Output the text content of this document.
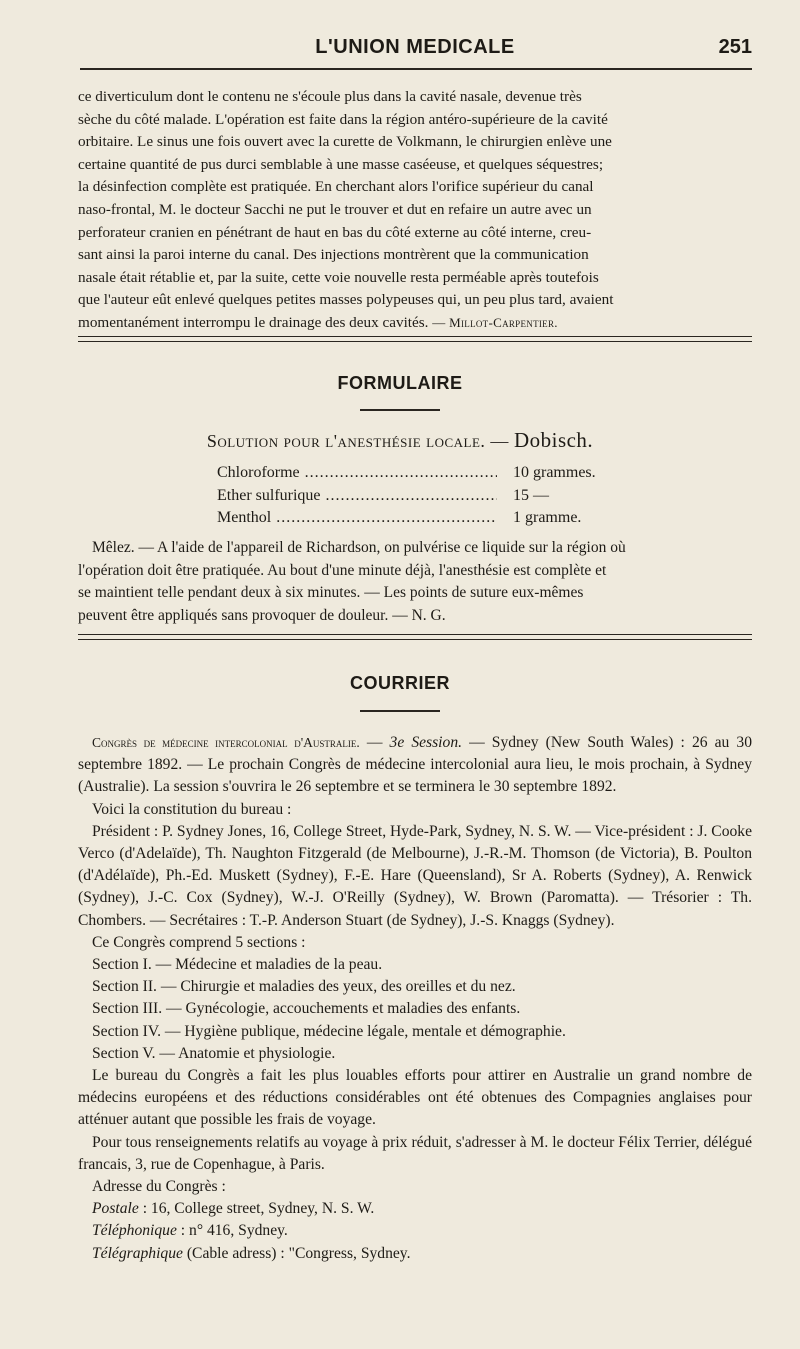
L'UNION MEDICALE	251

ce diverticulum dont le contenu ne s'écoule plus dans la cavité nasale, devenue très

sèche du côté malade. L'opération est faite dans la région antéro-supérieure de la cavité

orbitaire. Le sinus une fois ouvert avec la curette de Volkmann, le chirurgien enlève une

certaine quantité de pus durci semblable à une masse caséeuse, et quelques séquestres;

la désinfection complète est pratiquée. En cherchant alors l'orifice supérieur du canal

naso-frontal, M. le docteur Sacchi ne put le trouver et dut en refaire un autre avec un

perforateur cranien en pénétrant de haut en bas du côté externe au côté interne, creu-

sant ainsi la paroi interne du canal. Des injections montrèrent que la communication

nasale était rétablie et, par la suite, cette voie nouvelle resta perméable après toutefois

que l'auteur eût enlevé quelques petites masses polypeuses qui, un peu plus tard, avaient

momentanément interrompu le drainage des deux cavités. — Millot-Carpentier.

FORMULAIRE
Solution pour l'anesthésie locale. — Dobisch.
Chloroforme .....	10 grammes.
Ether sulfurique .....	15 —
Menthol .....	1 gramme.

Mêlez. — A l'aide de l'appareil de Richardson, on pulvérise ce liquide sur la région où

l'opération doit être pratiquée. Au bout d'une minute déjà, l'anesthésie est complète et

se maintient telle pendant deux à six minutes. — Les points de suture eux-mêmes

peuvent être appliqués sans provoquer de douleur. — N. G.

COURRIER

Congrès de médecine intercolonial d'Australie. — 3e Session. — Sydney (New South Wales) : 26 au 30 septembre 1892. — Le prochain Congrès de médecine intercolonial aura lieu, le mois prochain, à Sydney (Australie). La session s'ouvrira le 26 septembre et se terminera le 30 septembre 1892.

Voici la constitution du bureau :

Président : P. Sydney Jones, 16, College Street, Hyde-Park, Sydney, N. S. W. — Vice-président : J. Cooke Verco (d'Adelaïde), Th. Naughton Fitzgerald (de Melbourne), J.-R.-M. Thomson (de Victoria), B. Poulton (d'Adélaïde), Ph.-Ed. Muskett (Sydney), F.-E. Hare (Queensland), Sr A. Roberts (Sydney), A. Renwick (Sydney), J.-C. Cox (Sydney), W.-J. O'Reilly (Sydney), W. Brown (Paromatta). — Trésorier : Th. Chombers. — Secrétaires : T.-P. Anderson Stuart (de Sydney), J.-S. Knaggs (Sydney).

Ce Congrès comprend 5 sections :

Section I. — Médecine et maladies de la peau.

Section II. — Chirurgie et maladies des yeux, des oreilles et du nez.

Section III. — Gynécologie, accouchements et maladies des enfants.

Section IV. — Hygiène publique, médecine légale, mentale et démographie.

Section V. — Anatomie et physiologie.

Le bureau du Congrès a fait les plus louables efforts pour attirer en Australie un grand nombre de médecins européens et des réductions considérables ont été obtenues des Compagnies anglaises pour atténuer autant que possible les frais de voyage.

Pour tous renseignements relatifs au voyage à prix réduit, s'adresser à M. le docteur Félix Terrier, délégué francais, 3, rue de Copenhague, à Paris.

Adresse du Congrès :

Postale : 16, College street, Sydney, N. S. W.

Téléphonique : n° 416, Sydney.

Télégraphique (Cable adress) : "Congress, Sydney.
